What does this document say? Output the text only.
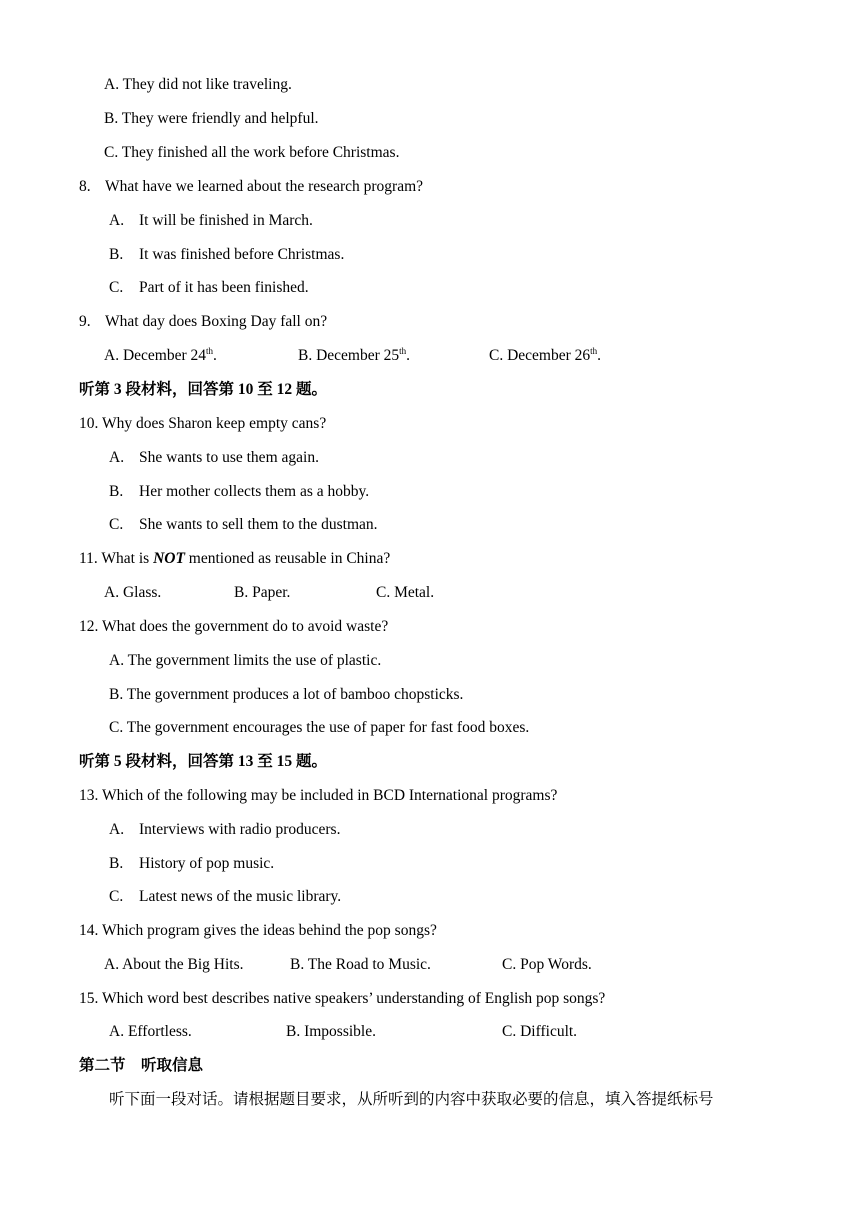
A. They did not like traveling.
B. They were friendly and helpful.
C. They finished all the work before Christmas.
8. What have we learned about the research program?
A. It will be finished in March.
B. It was finished before Christmas.
C. Part of it has been finished.
9. What day does Boxing Day fall on?
A. December 24th.	B. December 25th.	C. December 26th.
听第 3 段材料，回答第 10 至 12 题。
10. Why does Sharon keep empty cans?
A. She wants to use them again.
B. Her mother collects them as a hobby.
C. She wants to sell them to the dustman.
11. What is NOT mentioned as reusable in China?
A. Glass.	B. Paper.	C. Metal.
12. What does the government do to avoid waste?
A. The government limits the use of plastic.
B. The government produces a lot of bamboo chopsticks.
C. The government encourages the use of paper for fast food boxes.
听第 5 段材料，回答第 13 至 15 题。
13. Which of the following may be included in BCD International programs?
A. Interviews with radio producers.
B. History of pop music.
C. Latest news of the music library.
14. Which program gives the ideas behind the pop songs?
A. About the Big Hits.	B. The Road to Music.	C. Pop Words.
15. Which word best describes native speakers’ understanding of English pop songs?
A. Effortless.	B. Impossible.	C. Difficult.
第二节    听取信息
听下面一段对话。请根据题目要求，从所听到的内容中获取必要的信息，填入答提纸标号
